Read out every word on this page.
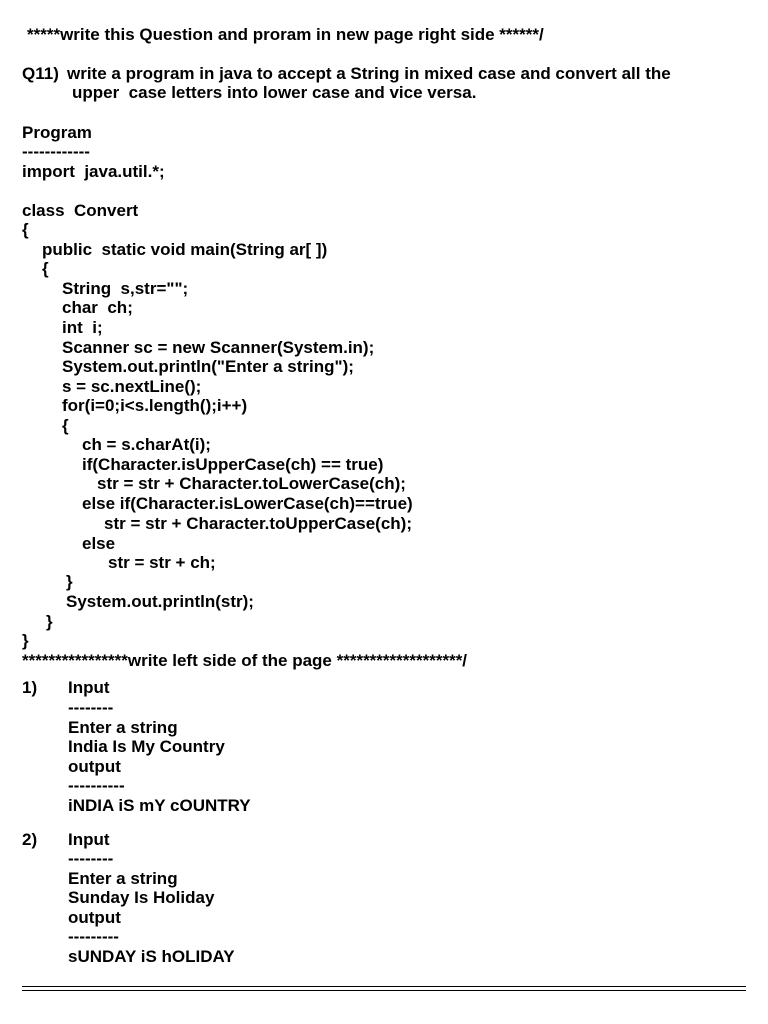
*****write this Question and proram in new page right side ******/
Q11) write a program in java to accept a String in mixed case and convert all the
upper  case letters into lower case and vice versa.
Program
------------
import  java.util.*;
class  Convert
{
public  static void main(String ar[ ])
{
String  s,str="";
char  ch;
int  i;
Scanner sc = new Scanner(System.in);
System.out.println("Enter a string");
s = sc.nextLine();
for(i=0;i<s.length();i++)
{
ch = s.charAt(i);
if(Character.isUpperCase(ch) == true)
str = str + Character.toLowerCase(ch);
else if(Character.isLowerCase(ch)==true)
str = str + Character.toUpperCase(ch);
else
str = str + ch;
}
System.out.println(str);
}
}
****************write left side of the page *******************/
1) Input
--------
Enter a string
India Is My Country
output
----------
iNDIA iS mY cOUNTRY
2) Input
--------
Enter a string
Sunday Is Holiday
output
---------
sUNDAY iS hOLIDAY
